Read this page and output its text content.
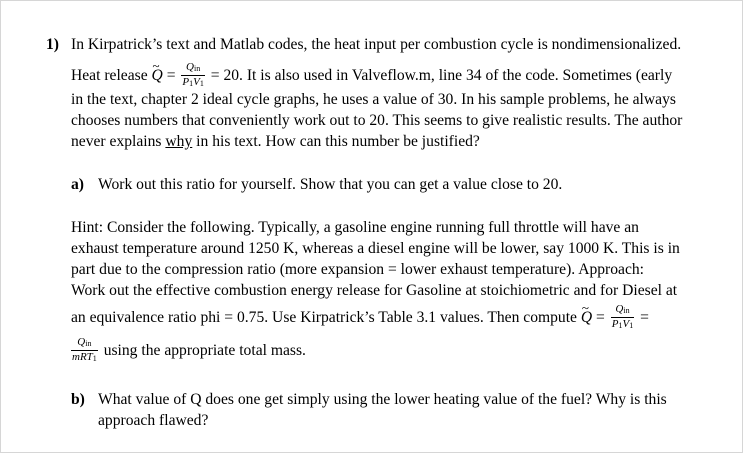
1) In Kirpatrick’s text and Matlab codes, the heat input per combustion cycle is nondimensionalized.
Heat release ~ $Q = \frac{Q_{in}}{P_1V_1} = 20$. It is also used in Valveflow.m, line 34 of the code. Sometimes (early
in the text, chapter 2 ideal cycle graphs, he uses a value of 30. In his sample problems, he always
chooses numbers that conveniently work out to 20. This seems to give realistic results. The author
never explains why in his text. How can this number be justified?
a) Work out this ratio for yourself. Show that you can get a value close to 20.
Hint: Consider the following. Typically, a gasoline engine running full throttle will have an
exhaust temperature around 1250 K, whereas a diesel engine will be lower, say 1000 K. This is in
part due to the compression ratio (more expansion = lower exhaust temperature). Approach:
Work out the effective combustion energy release for Gasoline at stoichiometric and for Diesel at
an equivalence ratio phi = 0.75. Use Kirpatrick’s Table 3.1 values. Then compute ~ $Q = \frac{Q_{in}}{P_1V_1}$ =
$\frac{Q_{in}}{mRT_1}$ using the appropriate total mass.
b) What value of Q does one get simply using the lower heating value of the fuel? Why is this
approach flawed?
